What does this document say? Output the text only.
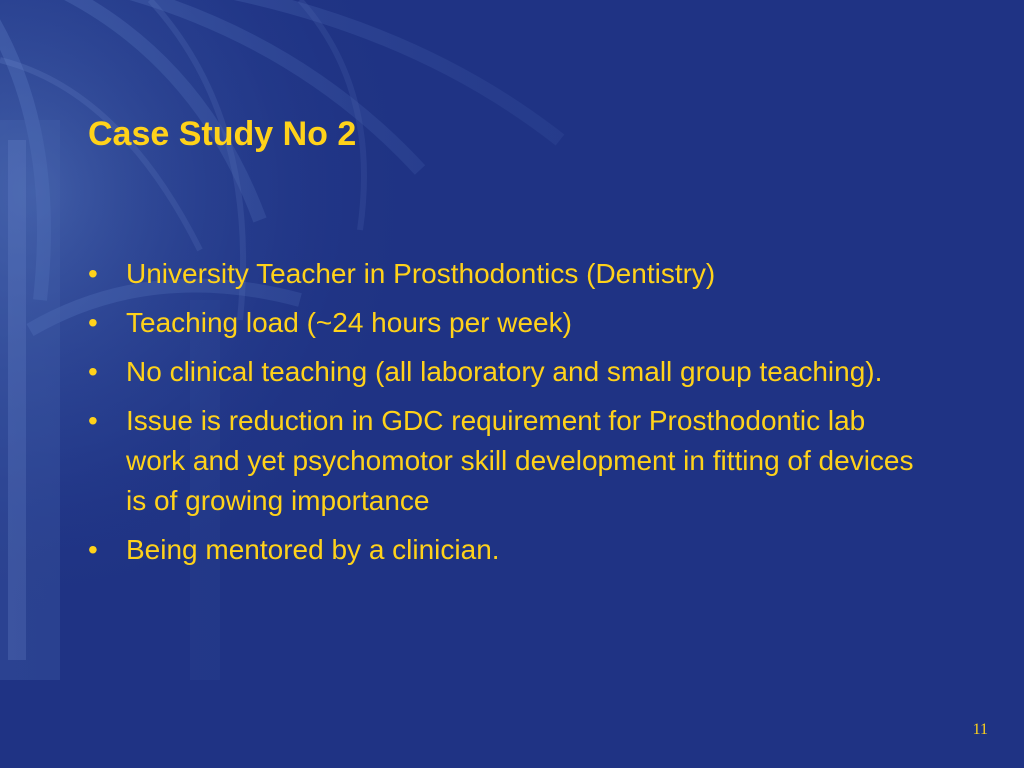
Case Study No 2
•	University Teacher in Prosthodontics (Dentistry)
•	Teaching load (~24 hours per week)
•	No clinical teaching (all laboratory and small group teaching).
•	Issue is reduction in GDC requirement for Prosthodontic lab work and yet psychomotor skill development in fitting of devices is of growing importance
•	Being mentored by a clinician.
11
